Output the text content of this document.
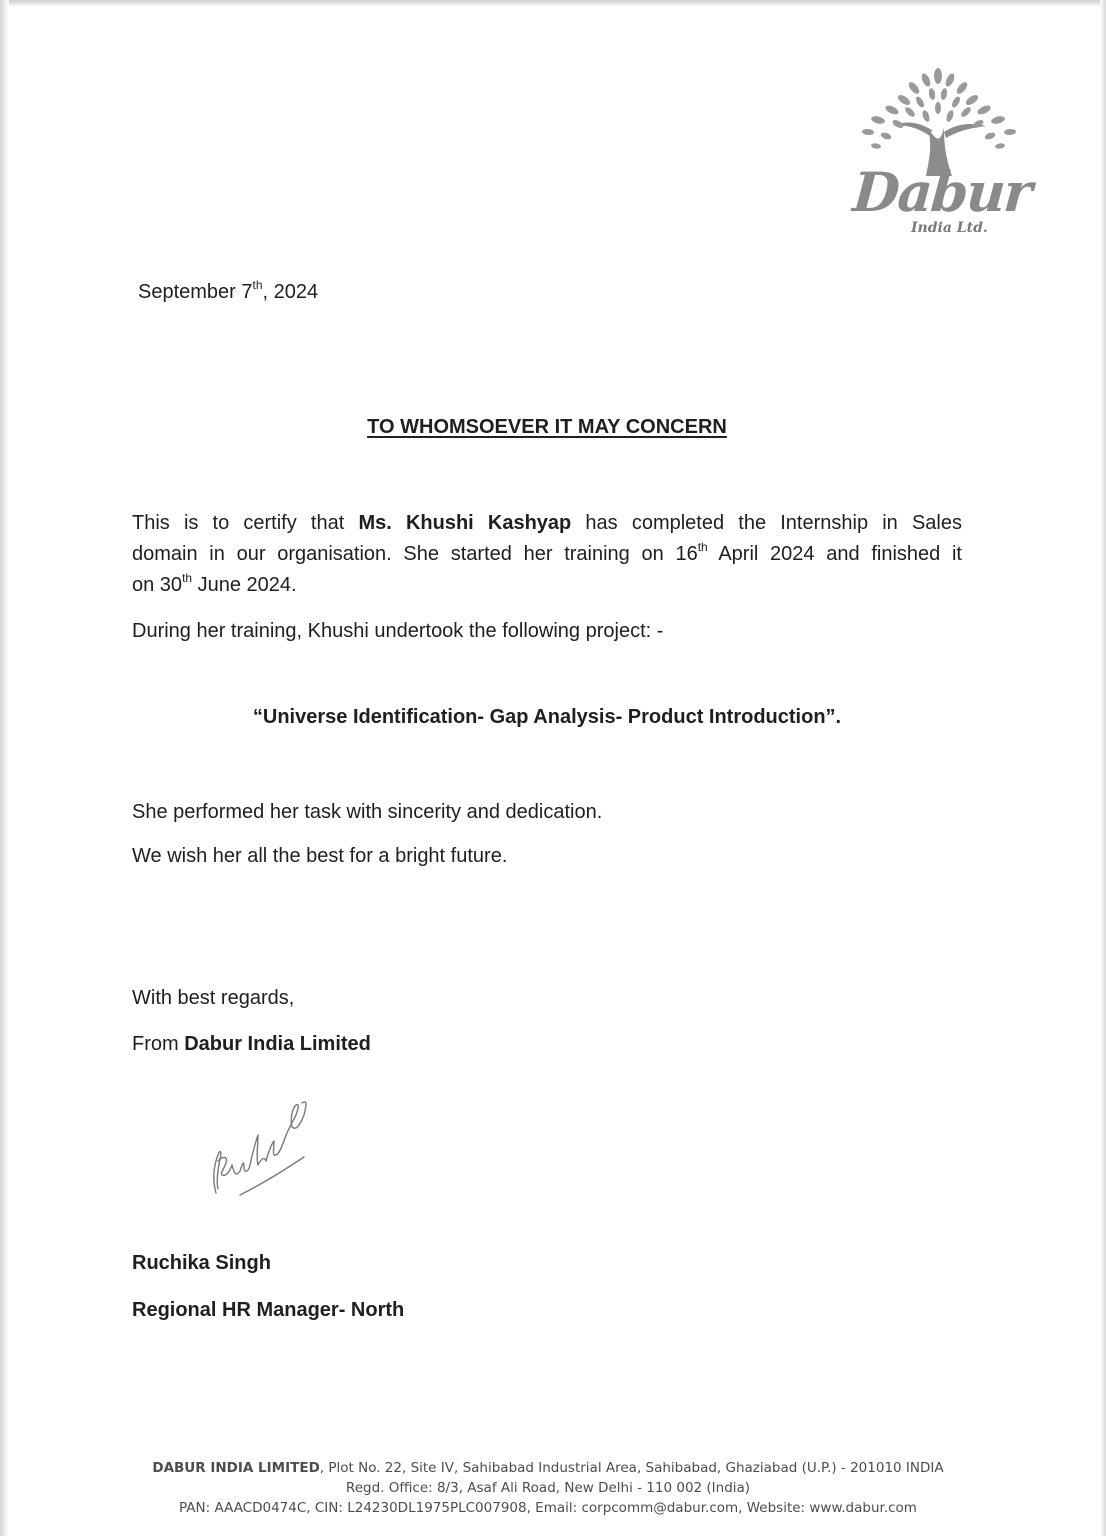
Dabur
India Ltd.
September 7th, 2024
TO WHOMSOEVER IT MAY CONCERN
This is to certify that Ms. Khushi Kashyap has completed the Internship in Sales
domain in our organisation. She started her training on 16th April 2024 and finished it
on 30th June 2024.
During her training, Khushi undertook the following project: -
“Universe Identification- Gap Analysis- Product Introduction”.
She performed her task with sincerity and dedication.
We wish her all the best for a bright future.
With best regards,
From Dabur India Limited
Ruchika Singh
Regional HR Manager- North
DABUR INDIA LIMITED, Plot No. 22, Site IV, Sahibabad Industrial Area, Sahibabad, Ghaziabad (U.P.) - 201010 INDIA
Regd. Office: 8/3, Asaf Ali Road, New Delhi - 110 002 (India)
PAN: AAACD0474C, CIN: L24230DL1975PLC007908, Email: corpcomm@dabur.com, Website: www.dabur.com
